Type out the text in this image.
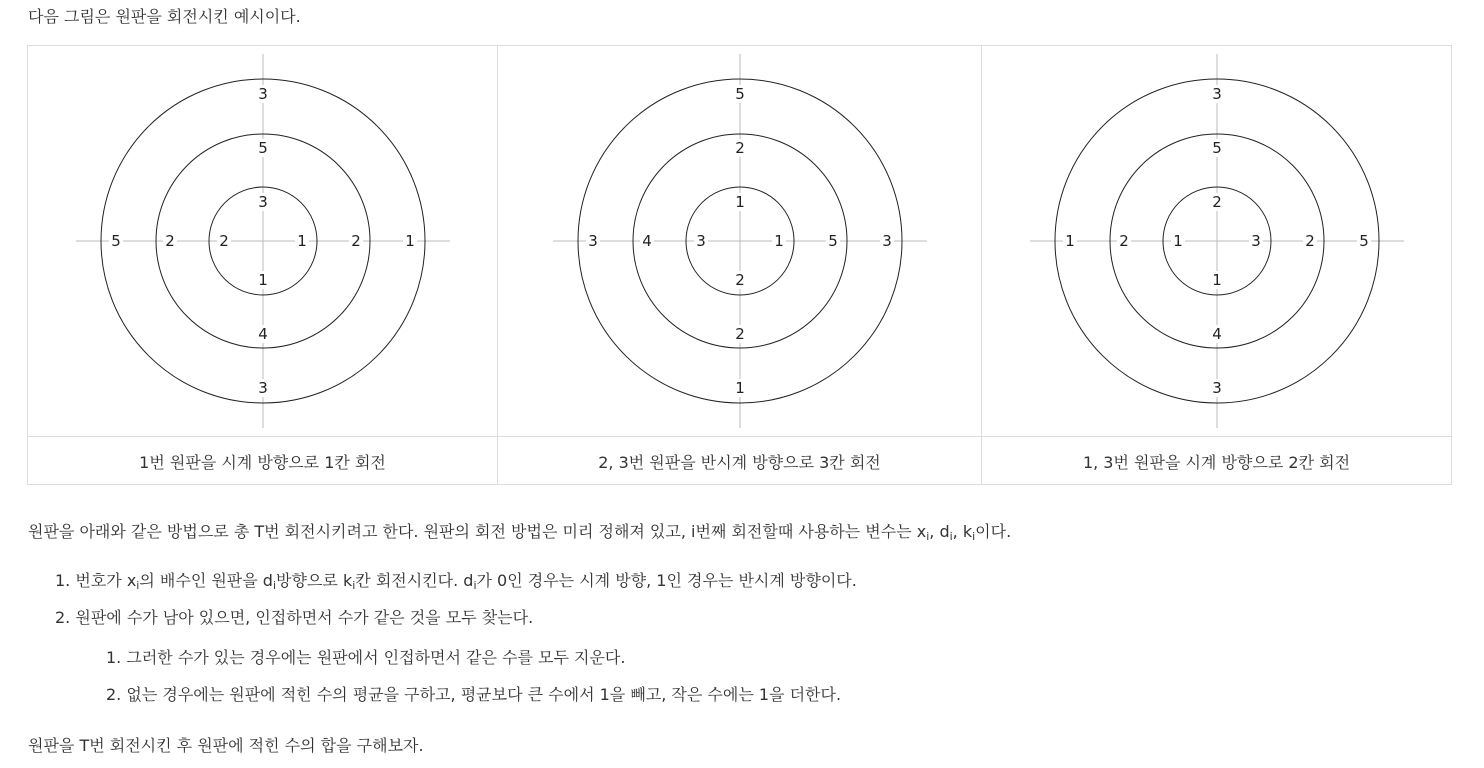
다음 그림은 원판을 회전시킨 예시이다.
3
1
1
2
5
2
4
2
3
1
3
5
1
1
2
3
2
5
2
4
5
3
1
3
2
3
1
1
5
2
4
2
3
5
3
1
1번 원판을 시계 방향으로 1칸 회전	2, 3번 원판을 반시계 방향으로 3칸 회전	1, 3번 원판을 시계 방향으로 2칸 회전
원판을 아래와 같은 방법으로 총 T번 회전시키려고 한다. 원판의 회전 방법은 미리 정해져 있고, i번째 회전할때 사용하는 변수는 $x_i$, $d_i$, $k_i$이다.
1. 번호가 $x_i$의 배수인 원판을 $d_i$방향으로 $k_i$칸 회전시킨다. $d_i$가 0인 경우는 시계 방향, 1인 경우는 반시계 방향이다.
2. 원판에 수가 남아 있으면, 인접하면서 수가 같은 것을 모두 찾는다.
1. 그러한 수가 있는 경우에는 원판에서 인접하면서 같은 수를 모두 지운다.
2. 없는 경우에는 원판에 적힌 수의 평균을 구하고, 평균보다 큰 수에서 1을 빼고, 작은 수에는 1을 더한다.
원판을 T번 회전시킨 후 원판에 적힌 수의 합을 구해보자.
